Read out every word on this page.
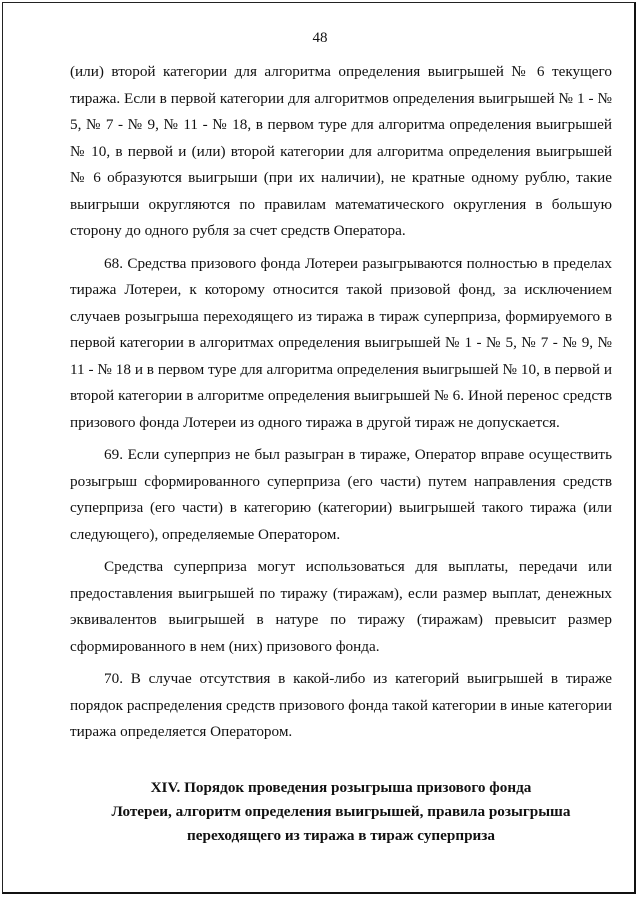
48

(или) второй категории для алгоритма определения выигрышей № 6 текущего тиража. Если в первой категории для алгоритмов определения выигрышей № 1 - № 5, № 7 - № 9, № 11 - № 18, в первом туре для алгоритма определения выигрышей № 10, в первой и (или) второй категории для алгоритма определения выигрышей № 6 образуются выигрыши (при их наличии), не кратные одному рублю, такие выигрыши округляются по правилам математического округления в большую сторону до одного рубля за счет средств Оператора.

68. Средства призового фонда Лотереи разыгрываются полностью в пределах тиража Лотереи, к которому относится такой призовой фонд, за исключением случаев розыгрыша переходящего из тиража в тираж суперприза, формируемого в первой категории в алгоритмах определения выигрышей № 1 - № 5, № 7 - № 9, № 11 - № 18 и в первом туре для алгоритма определения выигрышей № 10, в первой и второй категории в алгоритме определения выигрышей № 6. Иной перенос средств призового фонда Лотереи из одного тиража в другой тираж не допускается.

69. Если суперприз не был разыгран в тираже, Оператор вправе осуществить розыгрыш сформированного суперприза (его части) путем направления средств суперприза (его части) в категорию (категории) выигрышей такого тиража (или следующего), определяемые Оператором.

Средства суперприза могут использоваться для выплаты, передачи или предоставления выигрышей по тиражу (тиражам), если размер выплат, денежных эквивалентов выигрышей в натуре по тиражу (тиражам) превысит размер сформированного в нем (них) призового фонда.

70. В случае отсутствия в какой-либо из категорий выигрышей в тираже порядок распределения средств призового фонда такой категории в иные категории тиража определяется Оператором.

XIV. Порядок проведения розыгрыша призового фонда
Лотереи, алгоритм определения выигрышей, правила розыгрыша
переходящего из тиража в тираж суперприза
